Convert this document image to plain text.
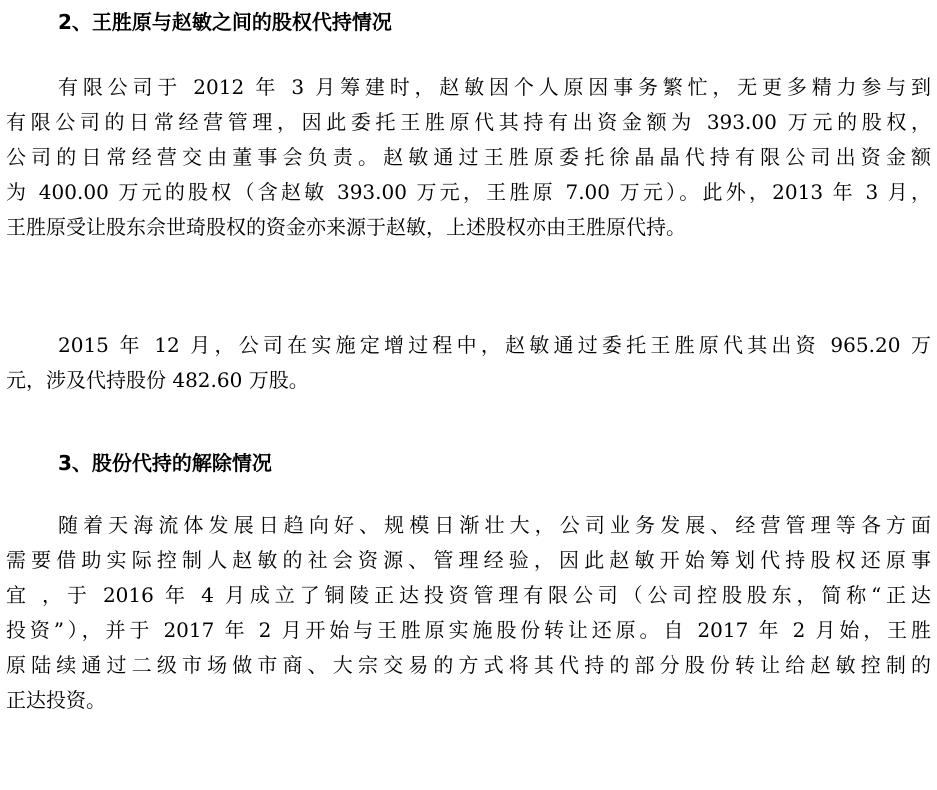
2、王胜原与赵敏之间的股权代持情况
有限公司于 2012 年 3 月筹建时，赵敏因个人原因事务繁忙，无更多精力参与到
有限公司的日常经营管理，因此委托王胜原代其持有出资金额为 393.00 万元的股权，
公司的日常经营交由董事会负责。赵敏通过王胜原委托徐晶晶代持有限公司出资金额
为 400.00 万元的股权（含赵敏 393.00 万元，王胜原 7.00 万元）。此外，2013 年 3 月，
王胜原受让股东佘世琦股权的资金亦来源于赵敏，上述股权亦由王胜原代持。
2015 年 12 月，公司在实施定增过程中，赵敏通过委托王胜原代其出资 965.20 万
元，涉及代持股份 482.60 万股。
3、股份代持的解除情况
随着天海流体发展日趋向好、规模日渐壮大，公司业务发展、经营管理等各方面
需要借助实际控制人赵敏的社会资源、管理经验，因此赵敏开始筹划代持股权还原事
宜 ，于 2016 年 4 月成立了铜陵正达投资管理有限公司（公司控股股东，简称“正达
投资”），并于 2017 年 2 月开始与王胜原实施股份转让还原。自 2017 年 2 月始，王胜
原陆续通过二级市场做市商、大宗交易的方式将其代持的部分股份转让给赵敏控制的
正达投资。
